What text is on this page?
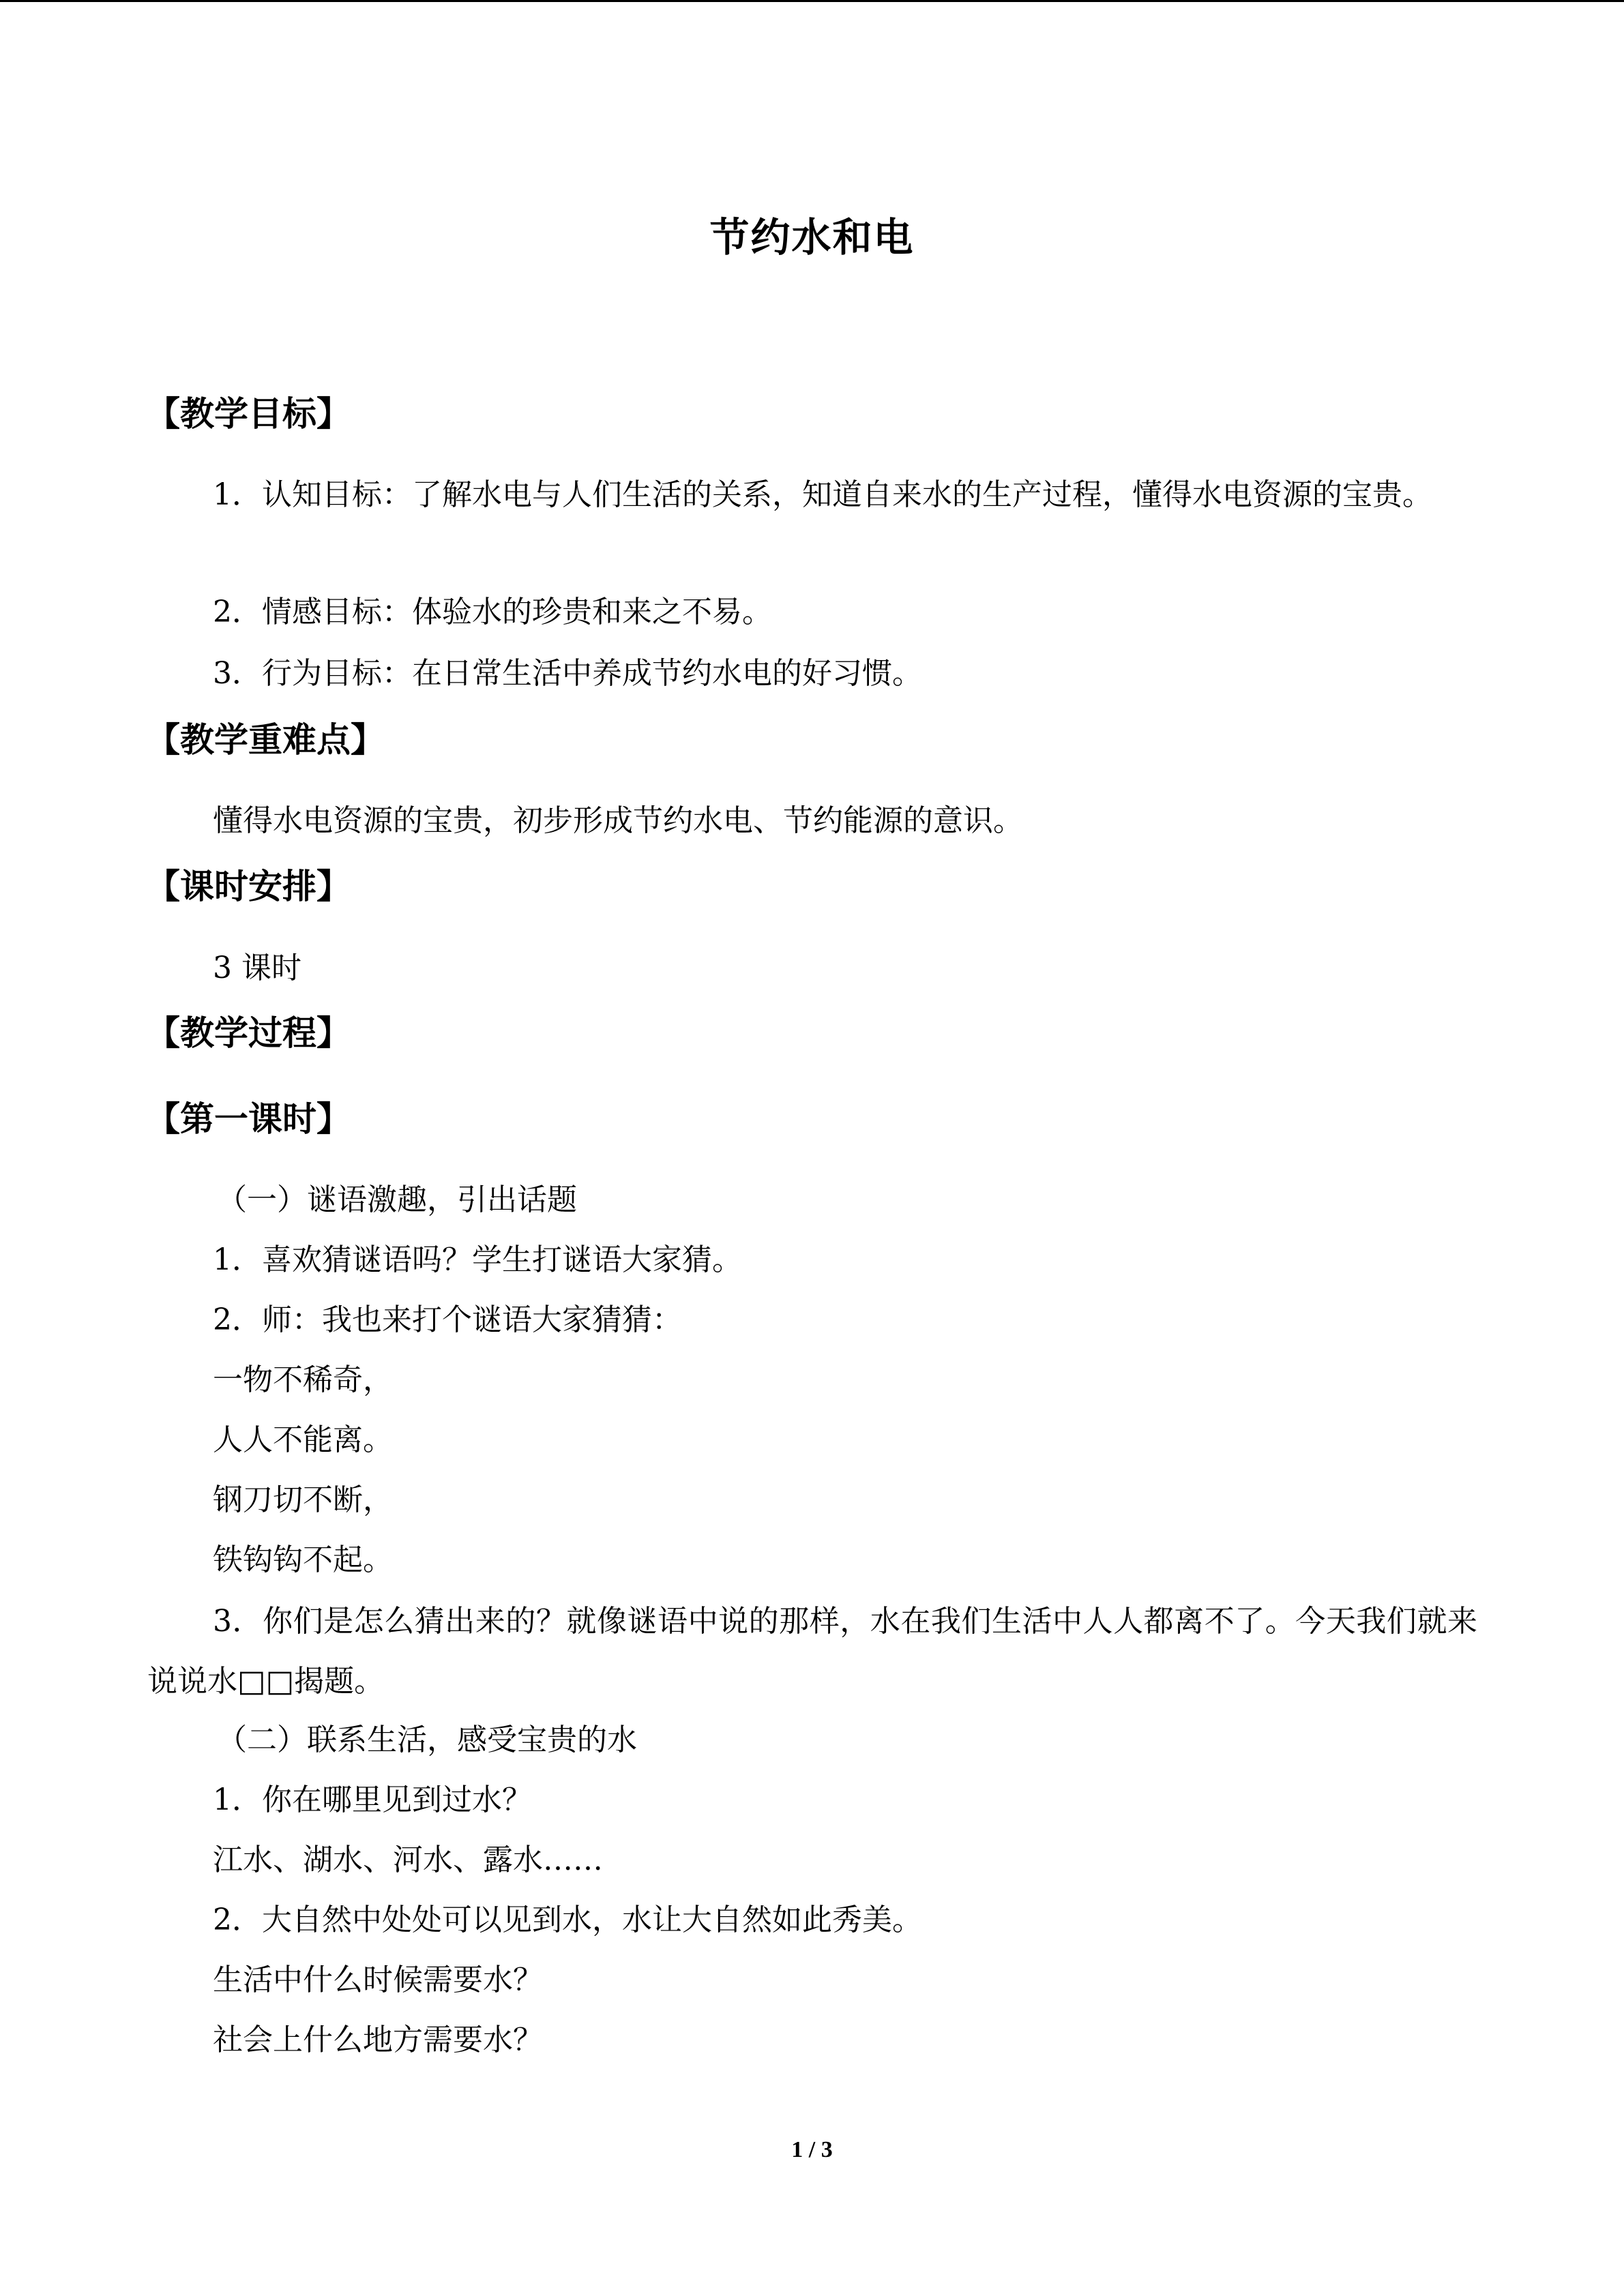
节约水和电
【教学目标】
1．认知目标：了解水电与人们生活的关系，知道自来水的生产过程，懂得水电资源的宝贵。
2．情感目标：体验水的珍贵和来之不易。
3．行为目标：在日常生活中养成节约水电的好习惯。
【教学重难点】
懂得水电资源的宝贵，初步形成节约水电、节约能源的意识。
【课时安排】
3 课时
【教学过程】
【第一课时】
（一）谜语激趣，引出话题
1．喜欢猜谜语吗？学生打谜语大家猜。
2．师：我也来打个谜语大家猜猜：
一物不稀奇，
人人不能离。
钢刀切不断，
铁钩钩不起。
3．你们是怎么猜出来的？就像谜语中说的那样，水在我们生活中人人都离不了。今天我们就来说说水□□揭题。
（二）联系生活，感受宝贵的水
1．你在哪里见到过水？
江水、湖水、河水、露水……
2．大自然中处处可以见到水，水让大自然如此秀美。
生活中什么时候需要水？
社会上什么地方需要水？
1 / 3
